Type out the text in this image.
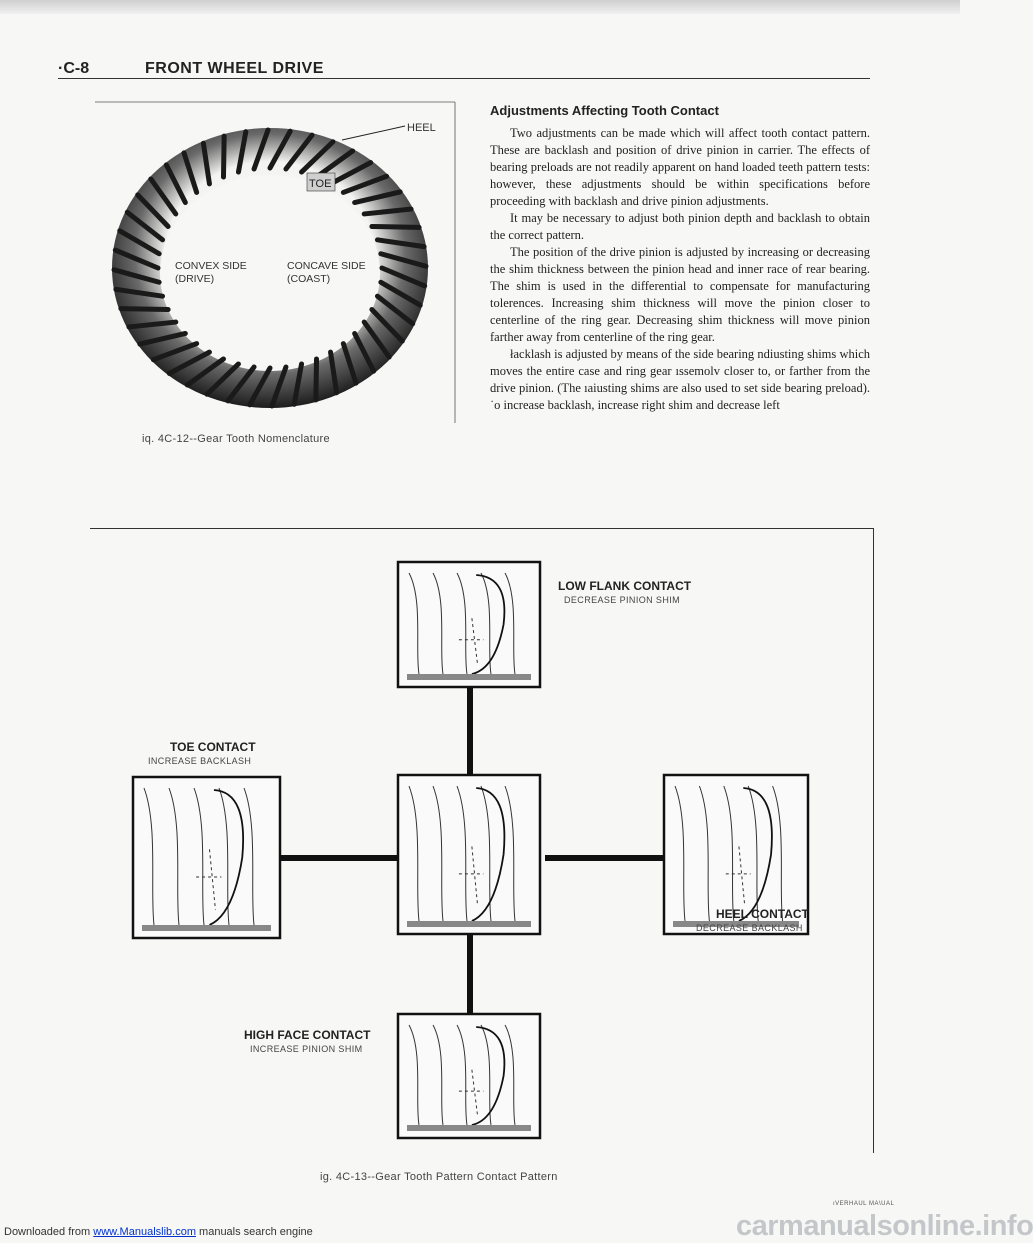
·C-8	FRONT WHEEL DRIVE
HEEL
TOE
CONVEX SIDE
(DRIVE)
CONCAVE SIDE
(COAST)
iq. 4C-12--Gear Tooth Nomenclature
Adjustments Affecting Tooth Contact

Two adjustments can be made which will affect tooth contact pattern. These are backlash and position of drive pinion in carrier. The effects of bearing preloads are not readily apparent on hand loaded teeth pattern tests: however, these adjustments should be within specifications before proceeding with backlash and drive pinion adjustments.

It may be necessary to adjust both pinion depth and backlash to obtain the correct pattern.

The position of the drive pinion is adjusted by increasing or decreasing the shim thickness between the pinion head and inner race of rear bearing. The shim is used in the differential to compensate for manufacturing tolerences. Increasing shim thickness will move the pinion closer to centerline of the ring gear. Decreasing shim thickness will move pinion farther away from centerline of the ring gear.

łacklash is adjusted by means of the side bearing ndiusting shims which moves the entire case and ring gear ıssemolv closer to, or farther from the drive pinion. (The ıaiusting shims are also used to set side bearing preload). ˙o increase backlash, increase right shim and decrease left

LOW FLANK CONTACT
DECREASE PINION SHIM
TOE CONTACT
INCREASE BACKLASH
HEEL CONTACT
DECREASE BACKLASH
HIGH FACE CONTACT
INCREASE PINION SHIM
ig. 4C-13--Gear Tooth Pattern Contact Pattern
carmanualsonline.info
ıVERHAUL MA\UAL
Downloaded from www.Manualslib.com manuals search engine
